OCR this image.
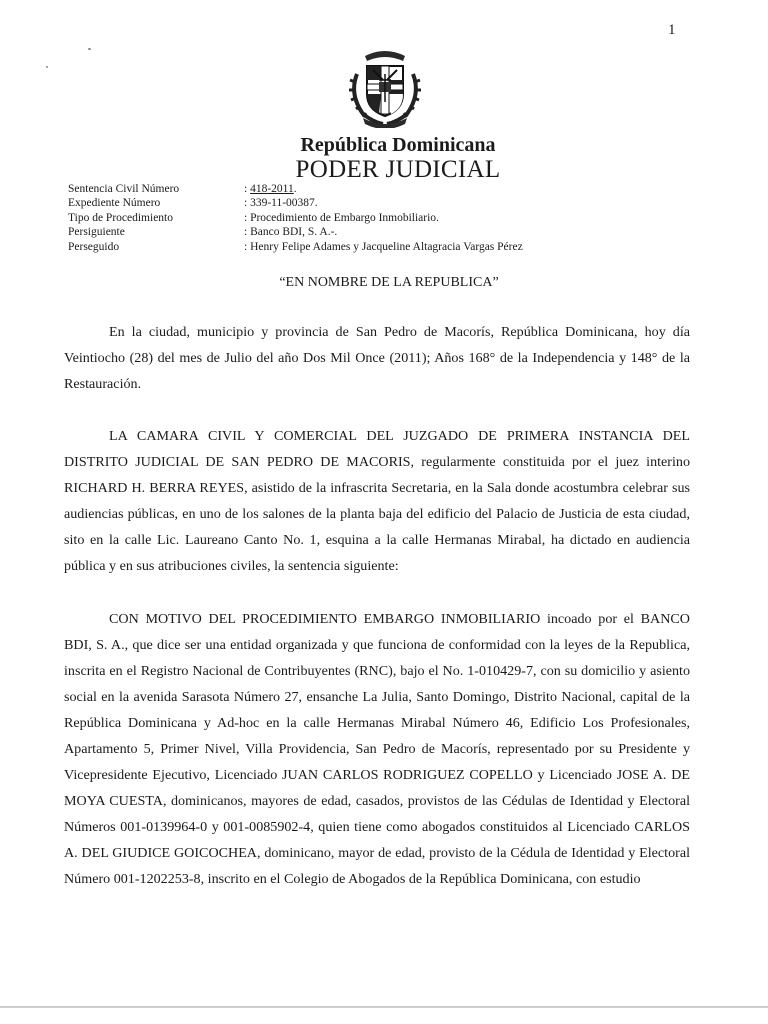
1
República Dominicana
PODER JUDICIAL
Sentencia Civil Número	: 418-2011.
Expediente Número	: 339-11-00387.
Tipo de Procedimiento	: Procedimiento de Embargo Inmobiliario.
Persiguiente	: Banco BDI, S. A.-.
Perseguido	: Henry Felipe Adames y Jacqueline Altagracia Vargas Pérez
“EN NOMBRE DE LA REPUBLICA”
En la ciudad, municipio y provincia de San Pedro de Macorís, República Dominicana, hoy día Veintiocho (28) del mes de Julio del año Dos Mil Once (2011); Años 168° de la Independencia y 148° de la Restauración.
LA CAMARA CIVIL Y COMERCIAL DEL JUZGADO DE PRIMERA INSTANCIA DEL DISTRITO JUDICIAL DE SAN PEDRO DE MACORIS, regularmente constituida por el juez interino RICHARD H. BERRA REYES, asistido de la infrascrita Secretaria, en la Sala donde acostumbra celebrar sus audiencias públicas, en uno de los salones de la planta baja del edificio del Palacio de Justicia de esta ciudad, sito en la calle Lic. Laureano Canto No. 1, esquina a la calle Hermanas Mirabal, ha dictado en audiencia pública y en sus atribuciones civiles, la sentencia siguiente:
CON MOTIVO DEL PROCEDIMIENTO EMBARGO INMOBILIARIO incoado por el BANCO BDI, S. A., que dice ser una entidad organizada y que funciona de conformidad con la leyes de la Republica, inscrita en el Registro Nacional de Contribuyentes (RNC), bajo el No. 1-010429-7, con su domicilio y asiento social en la avenida Sarasota Número 27, ensanche La Julia, Santo Domingo, Distrito Nacional, capital de la República Dominicana y Ad-hoc en la calle Hermanas Mirabal Número 46, Edificio Los Profesionales, Apartamento 5, Primer Nivel, Villa Providencia, San Pedro de Macorís, representado por su Presidente y Vicepresidente Ejecutivo, Licenciado JUAN CARLOS RODRIGUEZ COPELLO y Licenciado JOSE A. DE MOYA CUESTA, dominicanos, mayores de edad, casados, provistos de las Cédulas de Identidad y Electoral Números 001-0139964-0 y 001-0085902-4, quien tiene como abogados constituidos al Licenciado CARLOS A. DEL GIUDICE GOICOCHEA, dominicano, mayor de edad, provisto de la Cédula de Identidad y Electoral Número 001-1202253-8, inscrito en el Colegio de Abogados de la República Dominicana, con estudio
